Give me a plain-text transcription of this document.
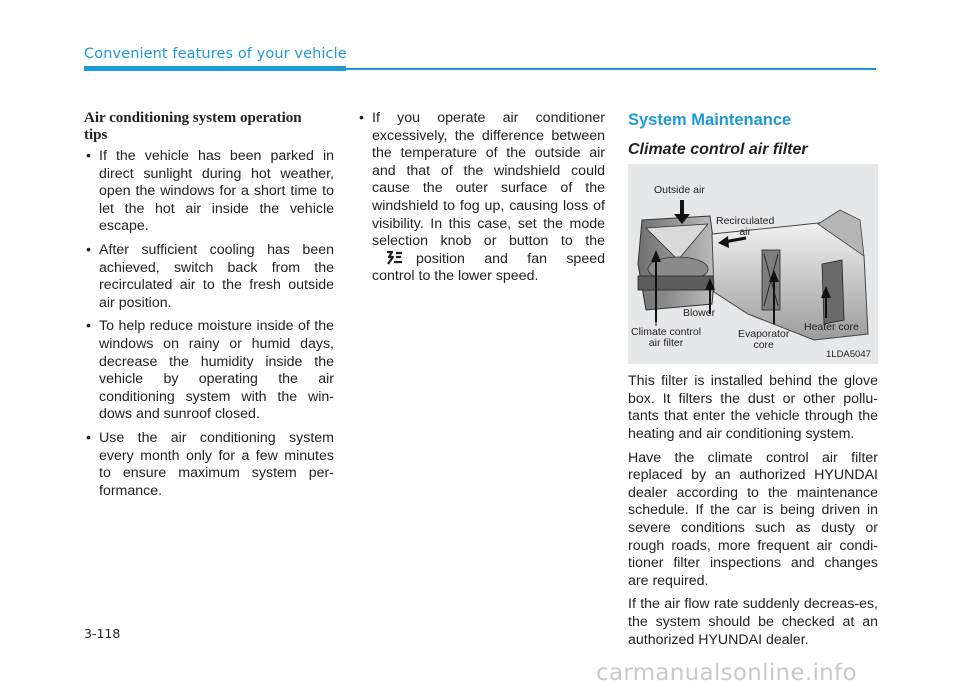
Convenient features of your vehicle
Air conditioning system operation
tips
• If the vehicle has been parked in direct sunlight during hot weather, open the windows for a short time to let the hot air inside the vehicle escape.
• After sufficient cooling has been achieved, switch back from the recirculated air to the fresh outside air position.
• To help reduce moisture inside of the windows on rainy or humid days, decrease the humidity inside the vehicle by operating the air conditioning system with the win-dows and sunroof closed.
• Use the air conditioning system every month only for a few minutes to ensure maximum system per-formance.
• If you operate air conditioner excessively, the difference between the temperature of the outside air and that of the windshield could cause the outer surface of the windshield to fog up, causing loss of visibility. In this case, set the mode selection knob or button to theposition and fan speed control to the lower speed.
System Maintenance
Climate control air filter
Outside air
Recirculated
air
Blower
Climate control
air filter
Evaporator
core
Heater core
1LDA5047

This filter is installed behind the glove box. It filters the dust or other pollu-tants that enter the vehicle through the heating and air conditioning system.

Have the climate control air filter replaced by an authorized HYUNDAI dealer according to the maintenance schedule. If the car is being driven in severe conditions such as dusty or rough roads, more frequent air condi-tioner filter inspections and changes are required.

If the air flow rate suddenly decreas-es, the system should be checked at an authorized HYUNDAI dealer.

3-118
carmanualsonline.info
